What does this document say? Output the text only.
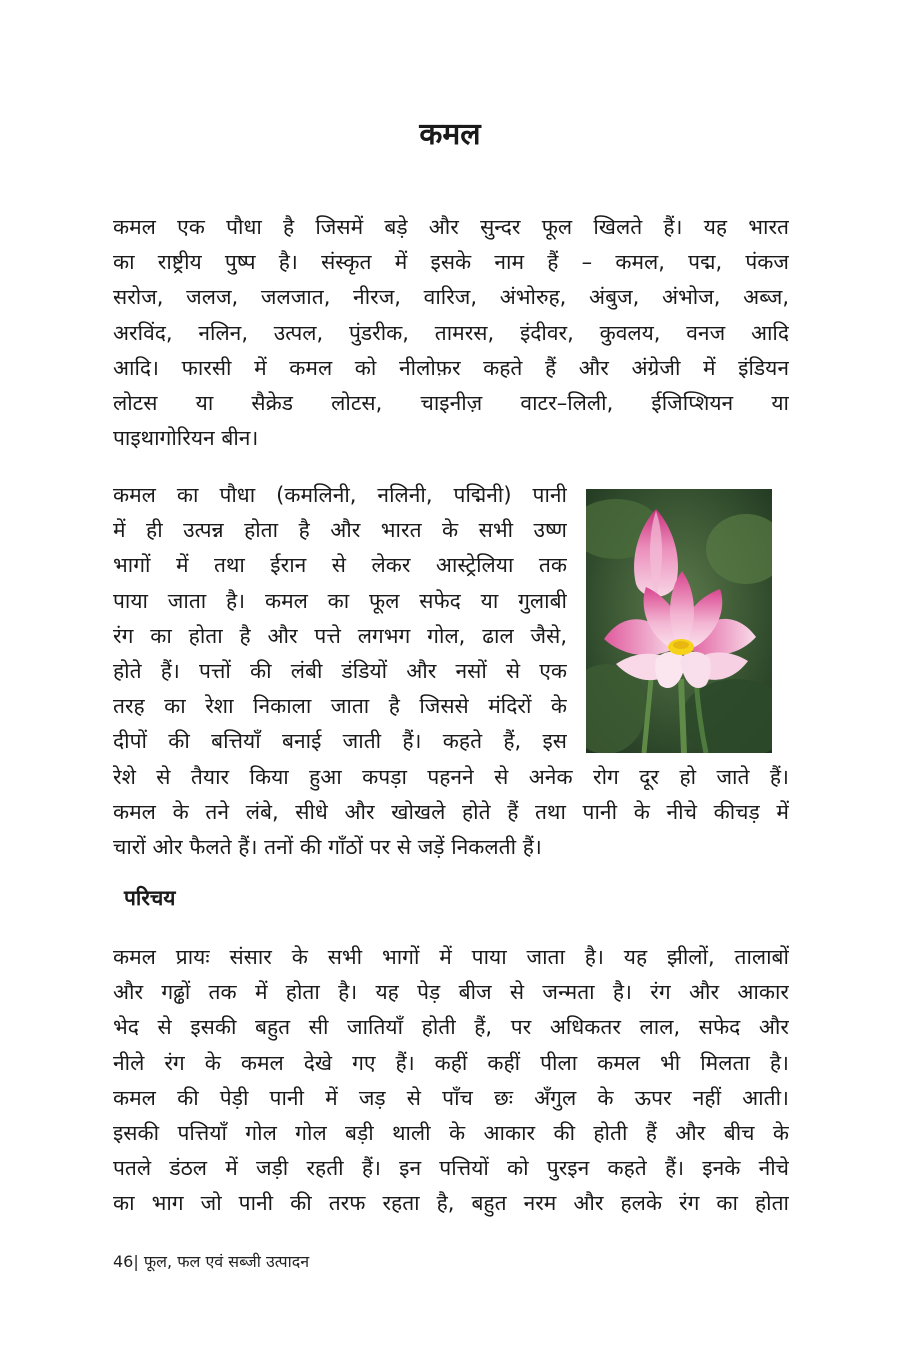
कमल
कमल एक पौधा है जिसमें बड़े और सुन्दर फूल खिलते हैं। यह भारत
का राष्ट्रीय पुष्प है। संस्कृत में इसके नाम हैं – कमल, पद्म, पंकज
सरोज, जलज, जलजात, नीरज, वारिज, अंभोरुह, अंबुज, अंभोज, अब्ज,
अरविंद, नलिन, उत्पल, पुंडरीक, तामरस, इंदीवर, कुवलय, वनज आदि
आदि। फारसी में कमल को नीलोफ़र कहते हैं और अंग्रेजी में इंडियन
लोटस या सैक्रेड लोटस, चाइनीज़ वाटर–लिली, ईजिप्शियन या
पाइथागोरियन बीन।
कमल का पौधा (कमलिनी, नलिनी, पद्मिनी) पानी
में ही उत्पन्न होता है और भारत के सभी उष्ण
भागों में तथा ईरान से लेकर आस्ट्रेलिया तक
पाया जाता है। कमल का फूल सफेद या गुलाबी
रंग का होता है और पत्ते लगभग गोल, ढाल जैसे,
होते हैं। पत्तों की लंबी डंडियों और नसों से एक
तरह का रेशा निकाला जाता है जिससे मंदिरों के
दीपों की बत्तियाँ बनाई जाती हैं। कहते हैं, इस
रेशे से तैयार किया हुआ कपड़ा पहनने से अनेक रोग दूर हो जाते हैं।
कमल के तने लंबे, सीधे और खोखले होते हैं तथा पानी के नीचे कीचड़ में
चारों ओर फैलते हैं। तनों की गाँठों पर से जड़ें निकलती हैं।
परिचय
कमल प्रायः संसार के सभी भागों में पाया जाता है। यह झीलों, तालाबों
और गढ्ढों तक में होता है। यह पेड़ बीज से जन्मता है। रंग और आकार
भेद से इसकी बहुत सी जातियाँ होती हैं, पर अधिकतर लाल, सफेद और
नीले रंग के कमल देखे गए हैं। कहीं कहीं पीला कमल भी मिलता है।
कमल की पेड़ी पानी में जड़ से पाँच छः अँगुल के ऊपर नहीं आती।
इसकी पत्तियाँ गोल गोल बड़ी थाली के आकार की होती हैं और बीच के
पतले डंठल में जड़ी रहती हैं। इन पत्तियों को पुरइन कहते हैं। इनके नीचे
का भाग जो पानी की तरफ रहता है, बहुत नरम और हलके रंग का होता
46| फूल, फल एवं सब्जी उत्पादन
